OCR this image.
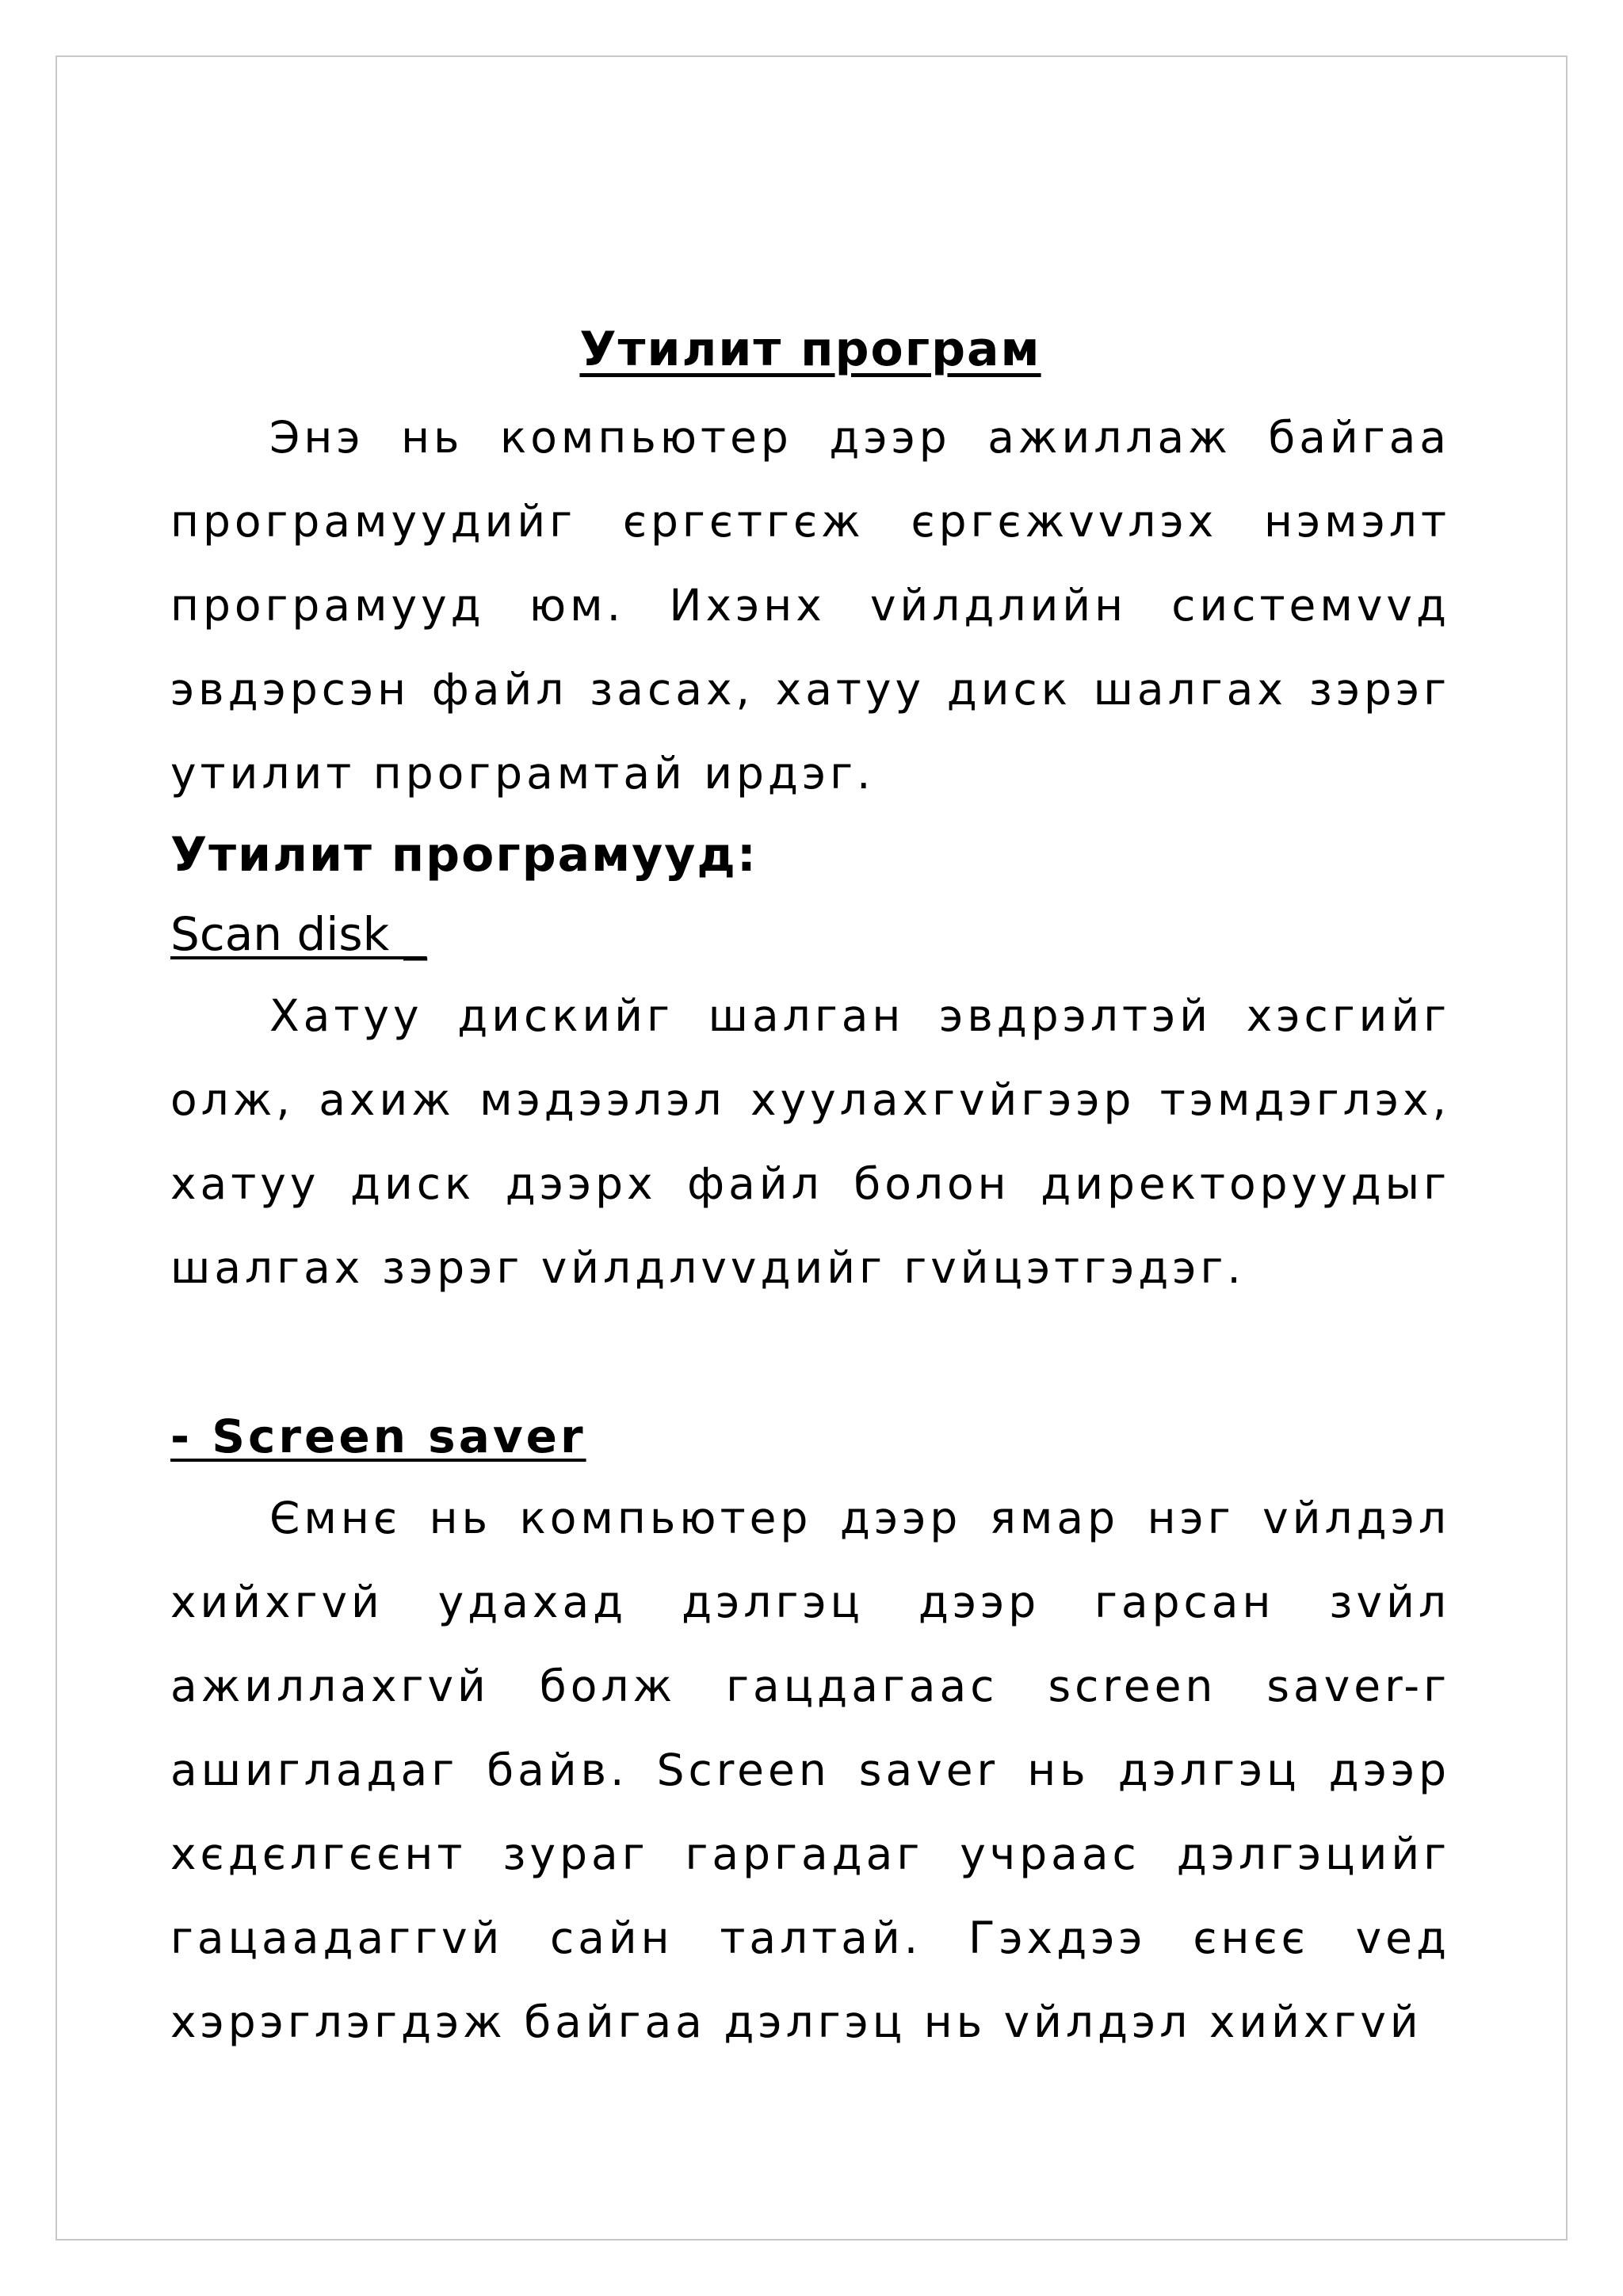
Утилит програм

Энэ нь компьютер дээр ажиллаж байгаа програмуудийг єргєтгєж єргєжvvлэх нэмэлт програмууд юм. Ихэнх vйлдлийн системvvд эвдэрсэн файл засах, хатуу диск шалгах зэрэг утилит програмтай ирдэг.

Утилит програмууд:
Scan disk _

Хатуу дискийг шалган эвдрэлтэй хэсгийг олж, ахиж мэдээлэл хуулахгvйгээр тэмдэглэх, хатуу диск дээрх файл болон директоруудыг шалгах зэрэг vйлдлvvдийг гvйцэтгэдэг.

- Screen saver

Ємнє нь компьютер дээр ямар нэг vйлдэл хийхгvй удахад дэлгэц дээр гарсан зvйл ажиллахгvй болж гацдагаас screen saver-г ашигладаг байв. Screen saver нь дэлгэц дээр хєдєлгєєнт зураг гаргадаг учраас дэлгэцийг гацаадаггvй сайн талтай. Гэхдээ єнєє vед хэрэглэгдэж байгаа дэлгэц нь vйлдэл хийхгvй
